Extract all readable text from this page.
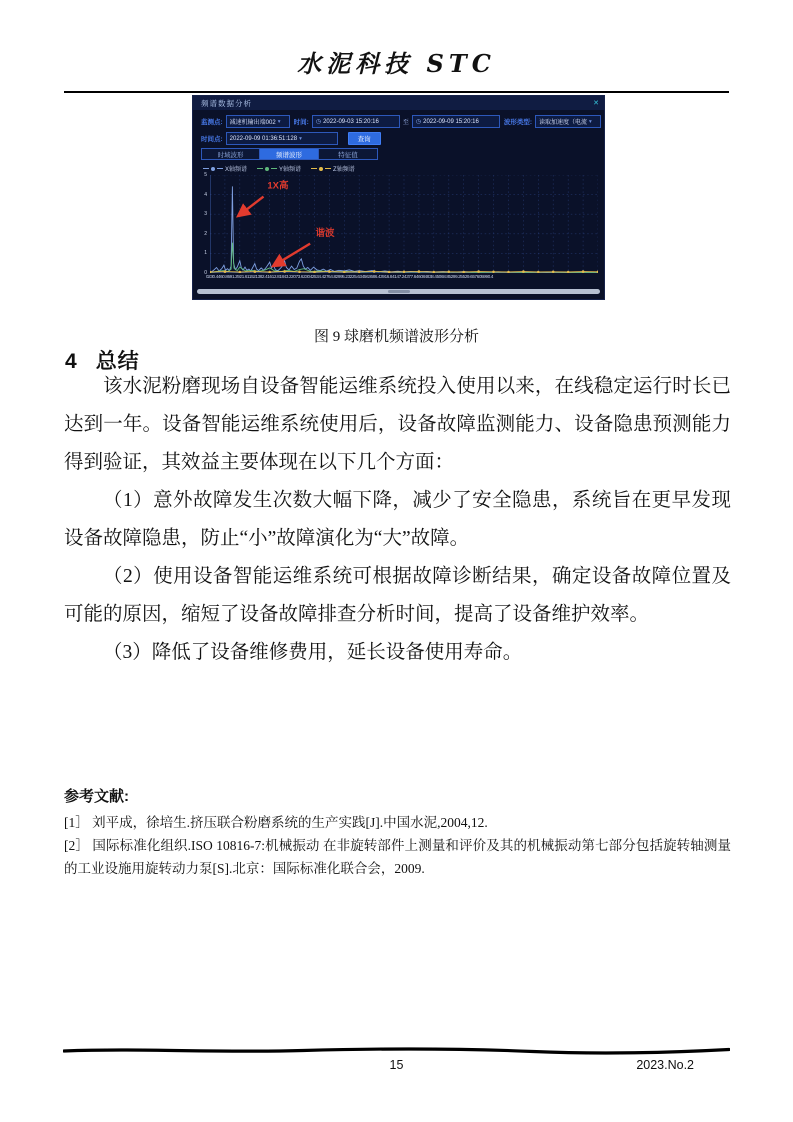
水泥科技 STC
频谱数据分析	✕
监测点: 减速机输出端002 ▾ 时间: ◷ 2022-09-03 15:20:16	至 ◷ 2022-09-09 15:20:16	波形类型: 读取加速度（电流 ▾
时间点: 2022-09-09 01:36:51:128 ▾	查询
时域波形	频谱波形	特征值
X轴频谱	Y轴频谱	Z轴频谱
0
1
2
3
4
5
1X高
谐波
0 230.4 460.8 691.2 921.6 1152 1382.4 1612.8 1843.2 2073.6 2304 2534.4 2764.8 2995.2 3225.6 3456 3686.4 3916.8 4147.2 4377.6 4608 4838.4 5068.8 5299.2 5529.6 5760 5990.4
图 9 球磨机频谱波形分析
4 总结

该水泥粉磨现场自设备智能运维系统投入使用以来，在线稳定运行时长已达到一年。设备智能运维系统使用后，设备故障监测能力、设备隐患预测能力得到验证，其效益主要体现在以下几个方面：

（1）意外故障发生次数大幅下降，减少了安全隐患，系统旨在更早发现设备故障隐患，防止“小”故障演化为“大”故障。

（2）使用设备智能运维系统可根据故障诊断结果，确定设备故障位置及可能的原因，缩短了设备故障排查分析时间，提高了设备维护效率。

（3）降低了设备维修费用，延长设备使用寿命。

参考文献:
[1］ 刘平成，徐培生.挤压联合粉磨系统的生产实践[J].中国水泥,2004,12.
[2］ 国际标准化组织.ISO 10816-7:机械振动 在非旋转部件上测量和评价及其的机械振动第七部分包括旋转轴测量的工业设施用旋转动力泵[S].北京：国际标准化联合会，2009.
15	2023.No.2
